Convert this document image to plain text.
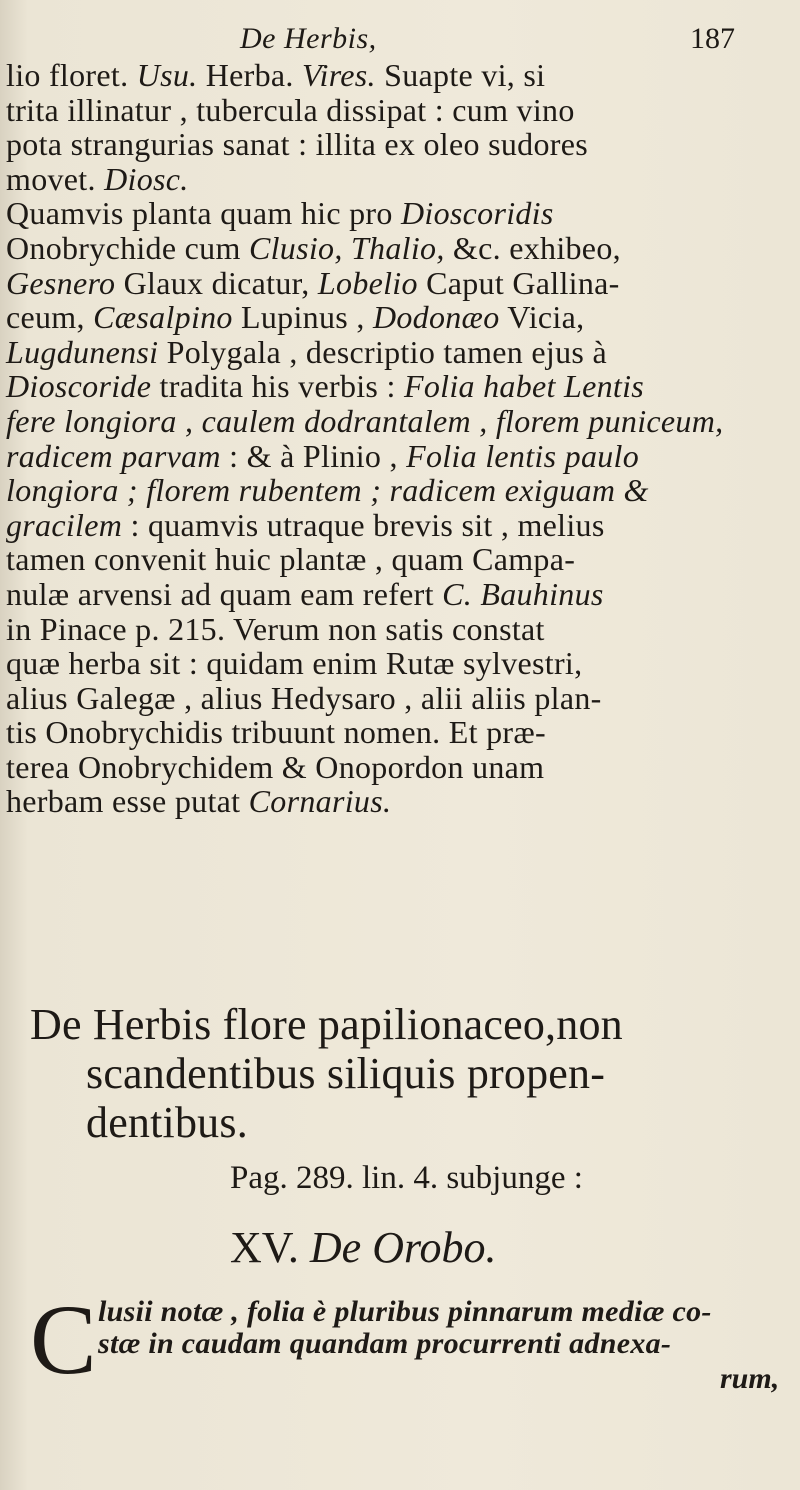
De Herbis,	187
lio floret. Usu. Herba. Vires. Suapte vi, si
trita illinatur , tubercula dissipat : cum vino
pota strangurias sanat : illita ex oleo sudores
movet. Diosc.
Quamvis planta quam hic pro Dioscoridis
Onobrychide cum Clusio, Thalio, &c. exhibeo,
Gesnero Glaux dicatur, Lobelio Caput Gallina-
ceum, Cæsalpino Lupinus , Dodonæo Vicia,
Lugdunensi Polygala , descriptio tamen ejus à
Dioscoride tradita his verbis : Folia habet Lentis
fere longiora , caulem dodrantalem , florem puniceum,
radicem parvam : & à Plinio , Folia lentis paulo
longiora ; florem rubentem ; radicem exiguam &
gracilem : quamvis utraque brevis sit , melius
tamen convenit huic plantæ , quam Campa-
nulæ arvensi ad quam eam refert C. Bauhinus
in Pinace p. 215. Verum non satis constat
quæ herba sit : quidam enim Rutæ sylvestri,
alius Galegæ , alius Hedysaro , alii aliis plan-
tis Onobrychidis tribuunt nomen. Et præ-
terea Onobrychidem & Onopordon unam
herbam esse putat Cornarius.
De Herbis flore papilionaceo,non
scandentibus siliquis propen-
dentibus.
Pag. 289. lin. 4. subjunge :
XV. De Orobo.
C lusii notæ , folia è pluribus pinnarum mediæ co-
stæ in caudam quandam procurrenti adnexa-
rum,
